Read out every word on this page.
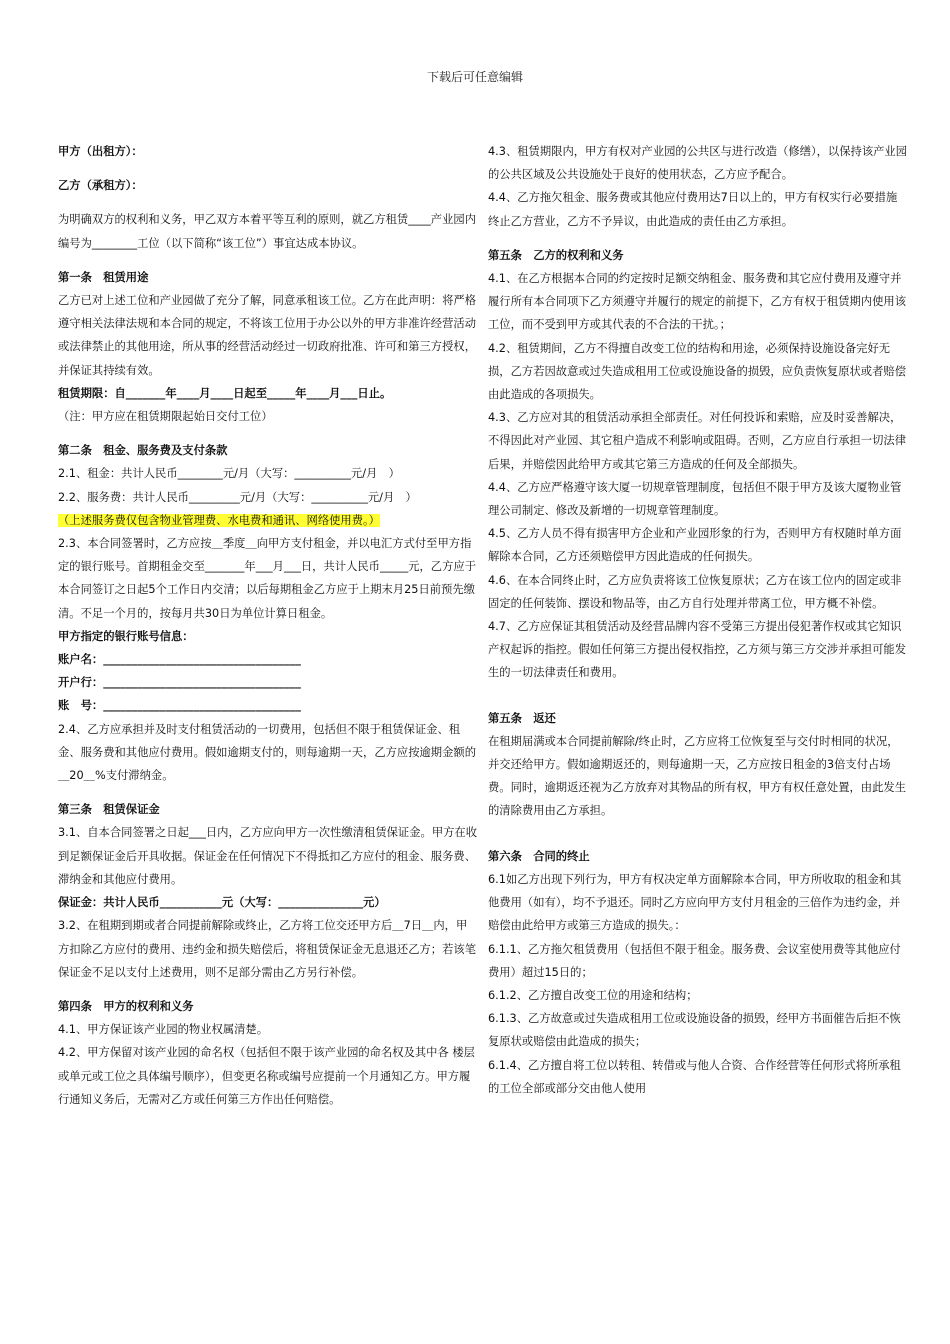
下载后可任意编辑

甲方（出租方）：

乙方（承租方）：

为明确双方的权利和义务，甲乙双方本着平等互利的原则，就乙方租赁____产业园内编号为________工位（以下简称“该工位”）事宜达成本协议。

第一条　租赁用途

乙方已对上述工位和产业园做了充分了解，同意承租该工位。乙方在此声明：将严格遵守相关法律法规和本合同的规定，不将该工位用于办公以外的甲方非准许经营活动或法律禁止的其他用途，所从事的经营活动经过一切政府批准、许可和第三方授权，并保证其持续有效。

租赁期限：自_______年____月____日起至_____年____月___日止。

（注：甲方应在租赁期限起始日交付工位）

第二条　租金、服务费及支付条款

2.1、租金：共计人民币________元/月（大写：__________元/月　）

2.2、服务费：共计人民币_________元/月（大写：__________元/月　）

（上述服务费仅包含物业管理费、水电费和通讯、网络使用费。）

2.3、本合同签署时，乙方应按＿季度＿向甲方支付租金，并以电汇方式付至甲方指定的银行账号。首期租金交至_______年___月___日，共计人民币_____元，乙方应于本合同签订之日起5个工作日内交清；以后每期租金乙方应于上期末月25日前预先缴清。不足一个月的，按每月共30日为单位计算日租金。

甲方指定的银行账号信息：

账户名：___________________________________

开户行：___________________________________

账　号：___________________________________

2.4、乙方应承担并及时支付租赁活动的一切费用，包括但不限于租赁保证金、租金、服务费和其他应付费用。假如逾期支付的，则每逾期一天，乙方应按逾期金额的＿20＿%支付滞纳金。

第三条　租赁保证金

3.1、自本合同签署之日起___日内，乙方应向甲方一次性缴清租赁保证金。甲方在收到足额保证金后开具收据。保证金在任何情况下不得抵扣乙方应付的租金、服务费、滞纳金和其他应付费用。

保证金：共计人民币___________元（大写：_______________元）

3.2、在租期到期或者合同提前解除或终止，乙方将工位交还甲方后＿7日＿内，甲方扣除乙方应付的费用、违约金和损失赔偿后，将租赁保证金无息退还乙方；若该笔保证金不足以支付上述费用，则不足部分需由乙方另行补偿。

第四条　甲方的权利和义务

4.1、甲方保证该产业园的物业权属清楚。

4.2、甲方保留对该产业园的命名权（包括但不限于该产业园的命名权及其中各 楼层或单元或工位之具体编号顺序），但变更名称或编号应提前一个月通知乙方。甲方履行通知义务后，无需对乙方或任何第三方作出任何赔偿。

4.3、租赁期限内，甲方有权对产业园的公共区与进行改造（修缮），以保持该产业园的公共区域及公共设施处于良好的使用状态，乙方应予配合。

4.4、乙方拖欠租金、服务费或其他应付费用达7日以上的，甲方有权实行必要措施终止乙方营业，乙方不予异议，由此造成的责任由乙方承担。

第五条　乙方的权利和义务

4.1、在乙方根据本合同的约定按时足额交纳租金、服务费和其它应付费用及遵守并履行所有本合同项下乙方须遵守并履行的规定的前提下，乙方有权于租赁期内使用该工位，而不受到甲方或其代表的不合法的干扰。；

4.2、租赁期间，乙方不得擅自改变工位的结构和用途，必须保持设施设备完好无损，乙方若因故意或过失造成租用工位或设施设备的损毁，应负责恢复原状或者赔偿由此造成的各项损失。

4.3、乙方应对其的租赁活动承担全部责任。对任何投诉和索赔，应及时妥善解决，不得因此对产业园、其它租户造成不利影响或阻碍。否则，乙方应自行承担一切法律后果，并赔偿因此给甲方或其它第三方造成的任何及全部损失。

4.4、乙方应严格遵守该大厦一切规章管理制度，包括但不限于甲方及该大厦物业管理公司制定、修改及新增的一切规章管理制度。

4.5、乙方人员不得有损害甲方企业和产业园形象的行为，否则甲方有权随时单方面解除本合同，乙方还须赔偿甲方因此造成的任何损失。

4.6、在本合同终止时，乙方应负责将该工位恢复原状；乙方在该工位内的固定或非固定的任何装饰、摆设和物品等，由乙方自行处理并带离工位，甲方概不补偿。

4.7、乙方应保证其租赁活动及经营品牌内容不受第三方提出侵犯著作权或其它知识产权起诉的指控。假如任何第三方提出侵权指控，乙方须与第三方交涉并承担可能发生的一切法律责任和费用。

第五条　返还

在租期届满或本合同提前解除/终止时，乙方应将工位恢复至与交付时相同的状况，并交还给甲方。假如逾期返还的，则每逾期一天，乙方应按日租金的3倍支付占场费。同时，逾期返还视为乙方放弃对其物品的所有权，甲方有权任意处置，由此发生的清除费用由乙方承担。

第六条　合同的终止

6.1如乙方出现下列行为，甲方有权决定单方面解除本合同，甲方所收取的租金和其他费用（如有），均不予退还。同时乙方应向甲方支付月租金的三倍作为违约金，并赔偿由此给甲方或第三方造成的损失。：

6.1.1、乙方拖欠租赁费用（包括但不限于租金。服务费、会议室使用费等其他应付费用）超过15日的；

6.1.2、乙方擅自改变工位的用途和结构；

6.1.3、乙方故意或过失造成租用工位或设施设备的损毁，经甲方书面催告后拒不恢复原状或赔偿由此造成的损失；

6.1.4、乙方擅自将工位以转租、转借或与他人合资、合作经营等任何形式将所承租的工位全部或部分交由他人使用
